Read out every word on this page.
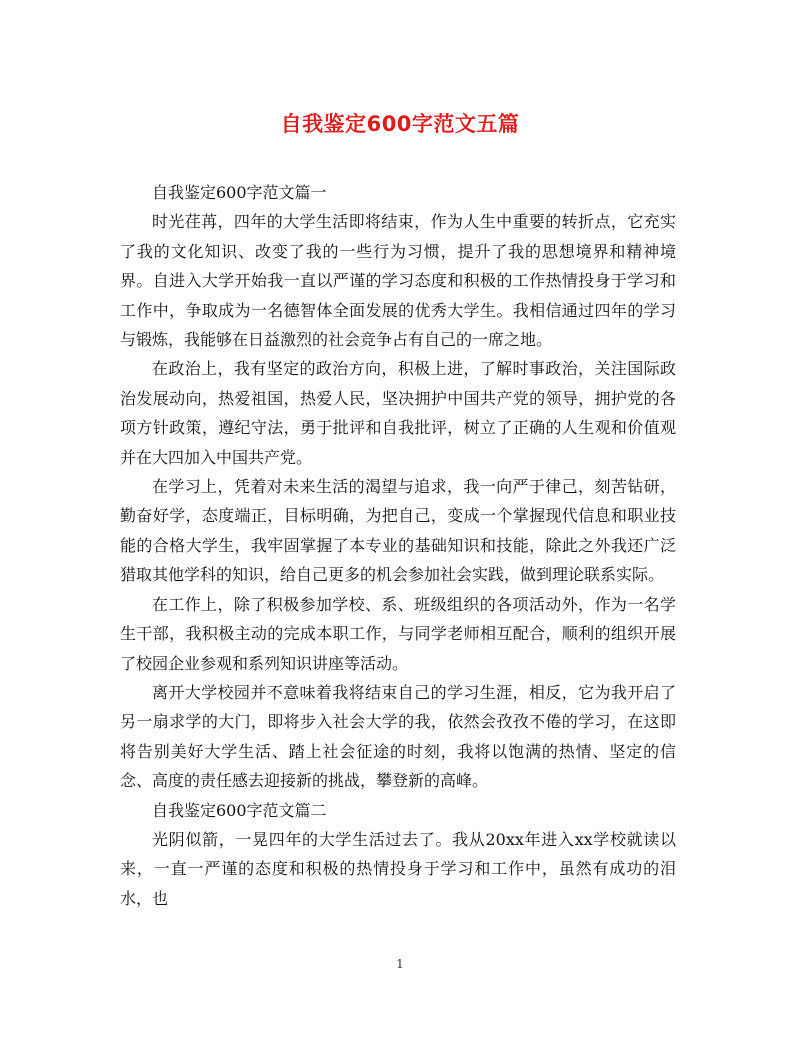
自我鉴定600字范文五篇

自我鉴定600字范文篇一

时光荏苒，四年的大学生活即将结束，作为人生中重要的转折点，它充实了我的文化知识、改变了我的一些行为习惯，提升了我的思想境界和精神境界。自进入大学开始我一直以严谨的学习态度和积极的工作热情投身于学习和工作中，争取成为一名德智体全面发展的优秀大学生。我相信通过四年的学习与锻炼，我能够在日益激烈的社会竞争占有自己的一席之地。

在政治上，我有坚定的政治方向，积极上进，了解时事政治，关注国际政治发展动向，热爱祖国，热爱人民，坚决拥护中国共产党的领导，拥护党的各项方针政策，遵纪守法，勇于批评和自我批评，树立了正确的人生观和价值观并在大四加入中国共产党。

在学习上，凭着对未来生活的渴望与追求，我一向严于律己，刻苦钻研，勤奋好学，态度端正，目标明确，为把自己，变成一个掌握现代信息和职业技能的合格大学生，我牢固掌握了本专业的基础知识和技能，除此之外我还广泛猎取其他学科的知识，给自己更多的机会参加社会实践，做到理论联系实际。

在工作上，除了积极参加学校、系、班级组织的各项活动外，作为一名学生干部，我积极主动的完成本职工作，与同学老师相互配合，顺利的组织开展了校园企业参观和系列知识讲座等活动。

离开大学校园并不意味着我将结束自己的学习生涯，相反，它为我开启了另一扇求学的大门，即将步入社会大学的我，依然会孜孜不倦的学习，在这即将告别美好大学生活、踏上社会征途的时刻，我将以饱满的热情、坚定的信念、高度的责任感去迎接新的挑战，攀登新的高峰。

自我鉴定600字范文篇二

光阴似箭，一晃四年的大学生活过去了。我从20xx年进入xx学校就读以来，一直一严谨的态度和积极的热情投身于学习和工作中，虽然有成功的泪水，也

1
